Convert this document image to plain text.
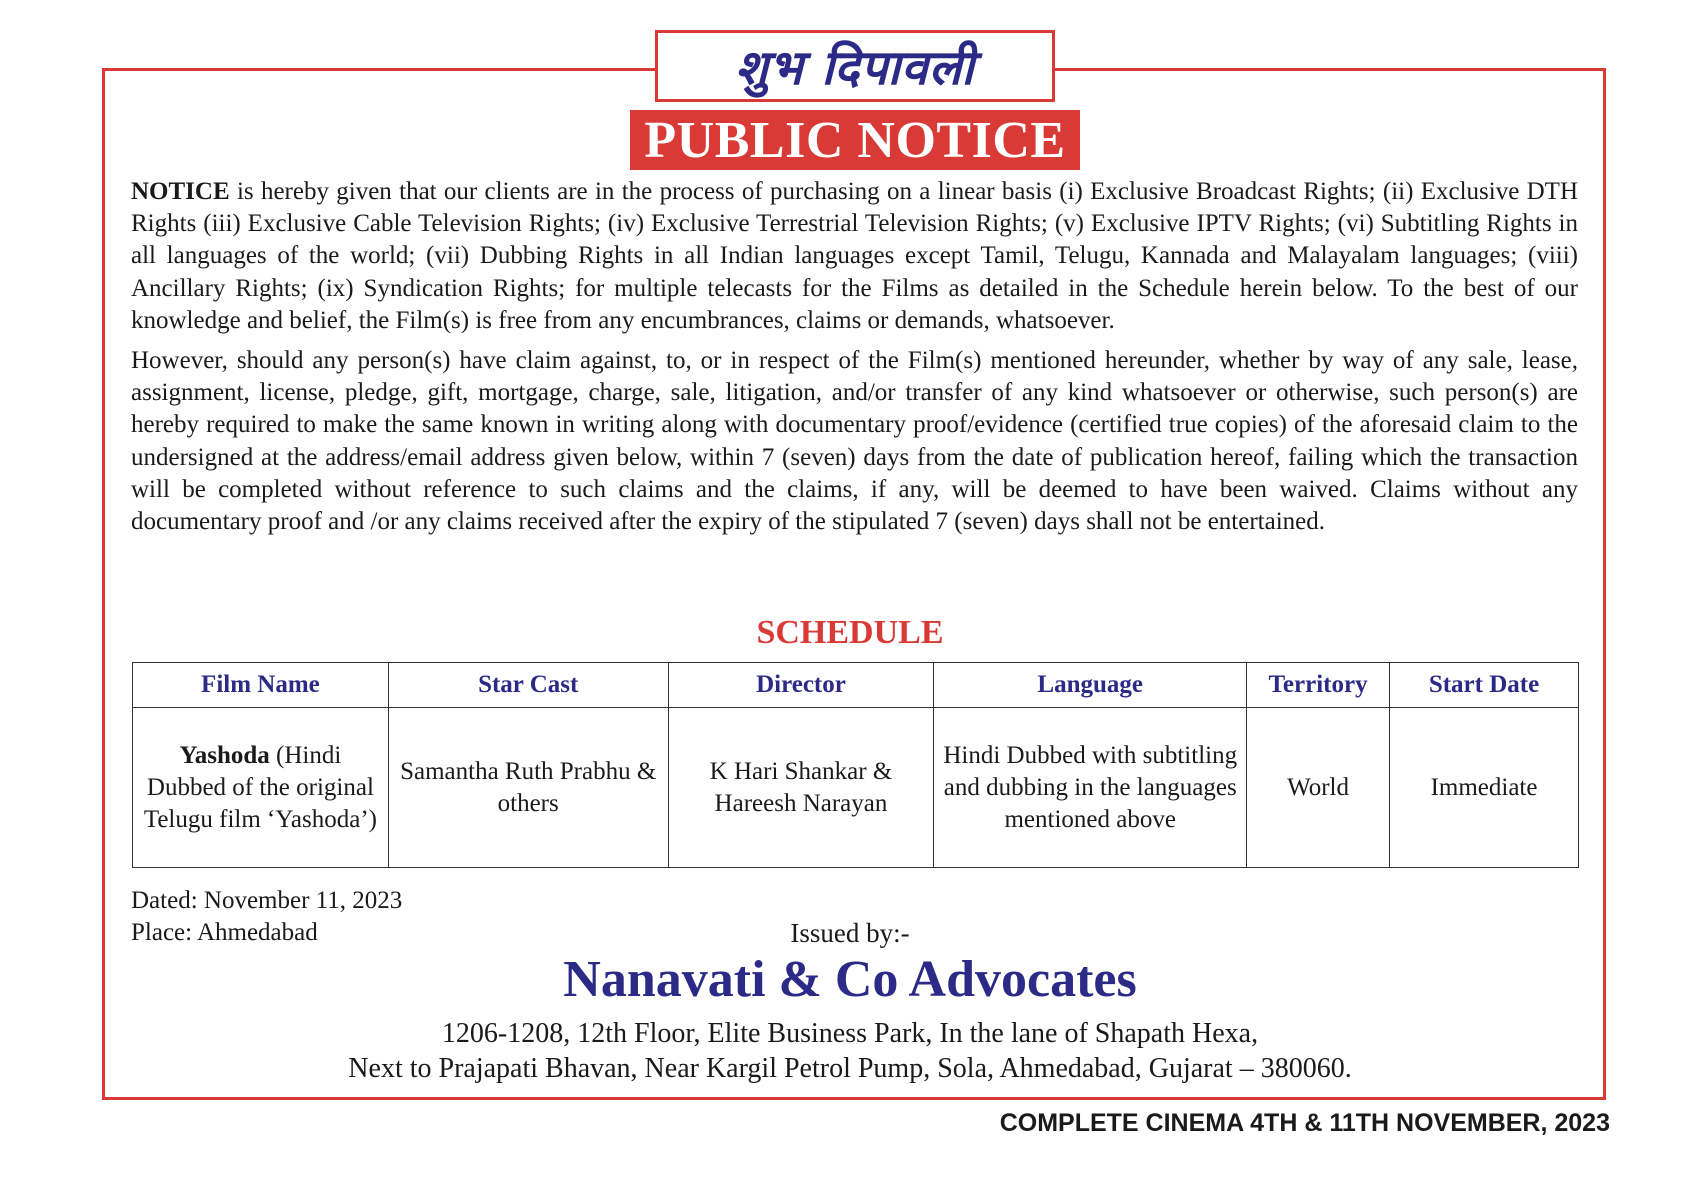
शुभ दिपावली
PUBLIC NOTICE

NOTICE is hereby given that our clients are in the process of purchasing on a linear basis (i) Exclusive Broadcast Rights; (ii) Exclusive DTH Rights (iii) Exclusive Cable Television Rights; (iv) Exclusive Terrestrial Television Rights; (v) Exclusive IPTV Rights; (vi) Subtitling Rights in all languages of the world; (vii) Dubbing Rights in all Indian languages except Tamil, Telugu, Kannada and Malayalam languages; (viii) Ancillary Rights; (ix) Syndication Rights; for multiple telecasts for the Films as detailed in the Schedule herein below. To the best of our knowledge and belief, the Film(s) is free from any encumbrances, claims or demands, whatsoever.

However, should any person(s) have claim against, to, or in respect of the Film(s) mentioned hereunder, whether by way of any sale, lease, assignment, license, pledge, gift, mortgage, charge, sale, litigation, and/or transfer of any kind whatsoever or otherwise, such person(s) are hereby required to make the same known in writing along with documentary proof/evidence (certified true copies) of the aforesaid claim to the undersigned at the address/email address given below, within 7 (seven) days from the date of publication hereof, failing which the transaction will be completed without reference to such claims and the claims, if any, will be deemed to have been waived. Claims without any documentary proof and /or any claims received after the expiry of the stipulated 7 (seven) days shall not be entertained.

SCHEDULE
Film Name	Star Cast	Director	Language	Territory	Start Date
Yashoda (Hindi Dubbed of the original Telugu film ‘Yashoda’)	Samantha Ruth Prabhu & others	K Hari Shankar & Hareesh Narayan	Hindi Dubbed with subtitling and dubbing in the languages mentioned above	World	Immediate
Dated: November 11, 2023
Place: Ahmedabad	Issued by:-
Nanavati & Co Advocates
1206-1208, 12th Floor, Elite Business Park, In the lane of Shapath Hexa,
Next to Prajapati Bhavan, Near Kargil Petrol Pump, Sola, Ahmedabad, Gujarat – 380060.
COMPLETE CINEMA 4TH & 11TH NOVEMBER, 2023
